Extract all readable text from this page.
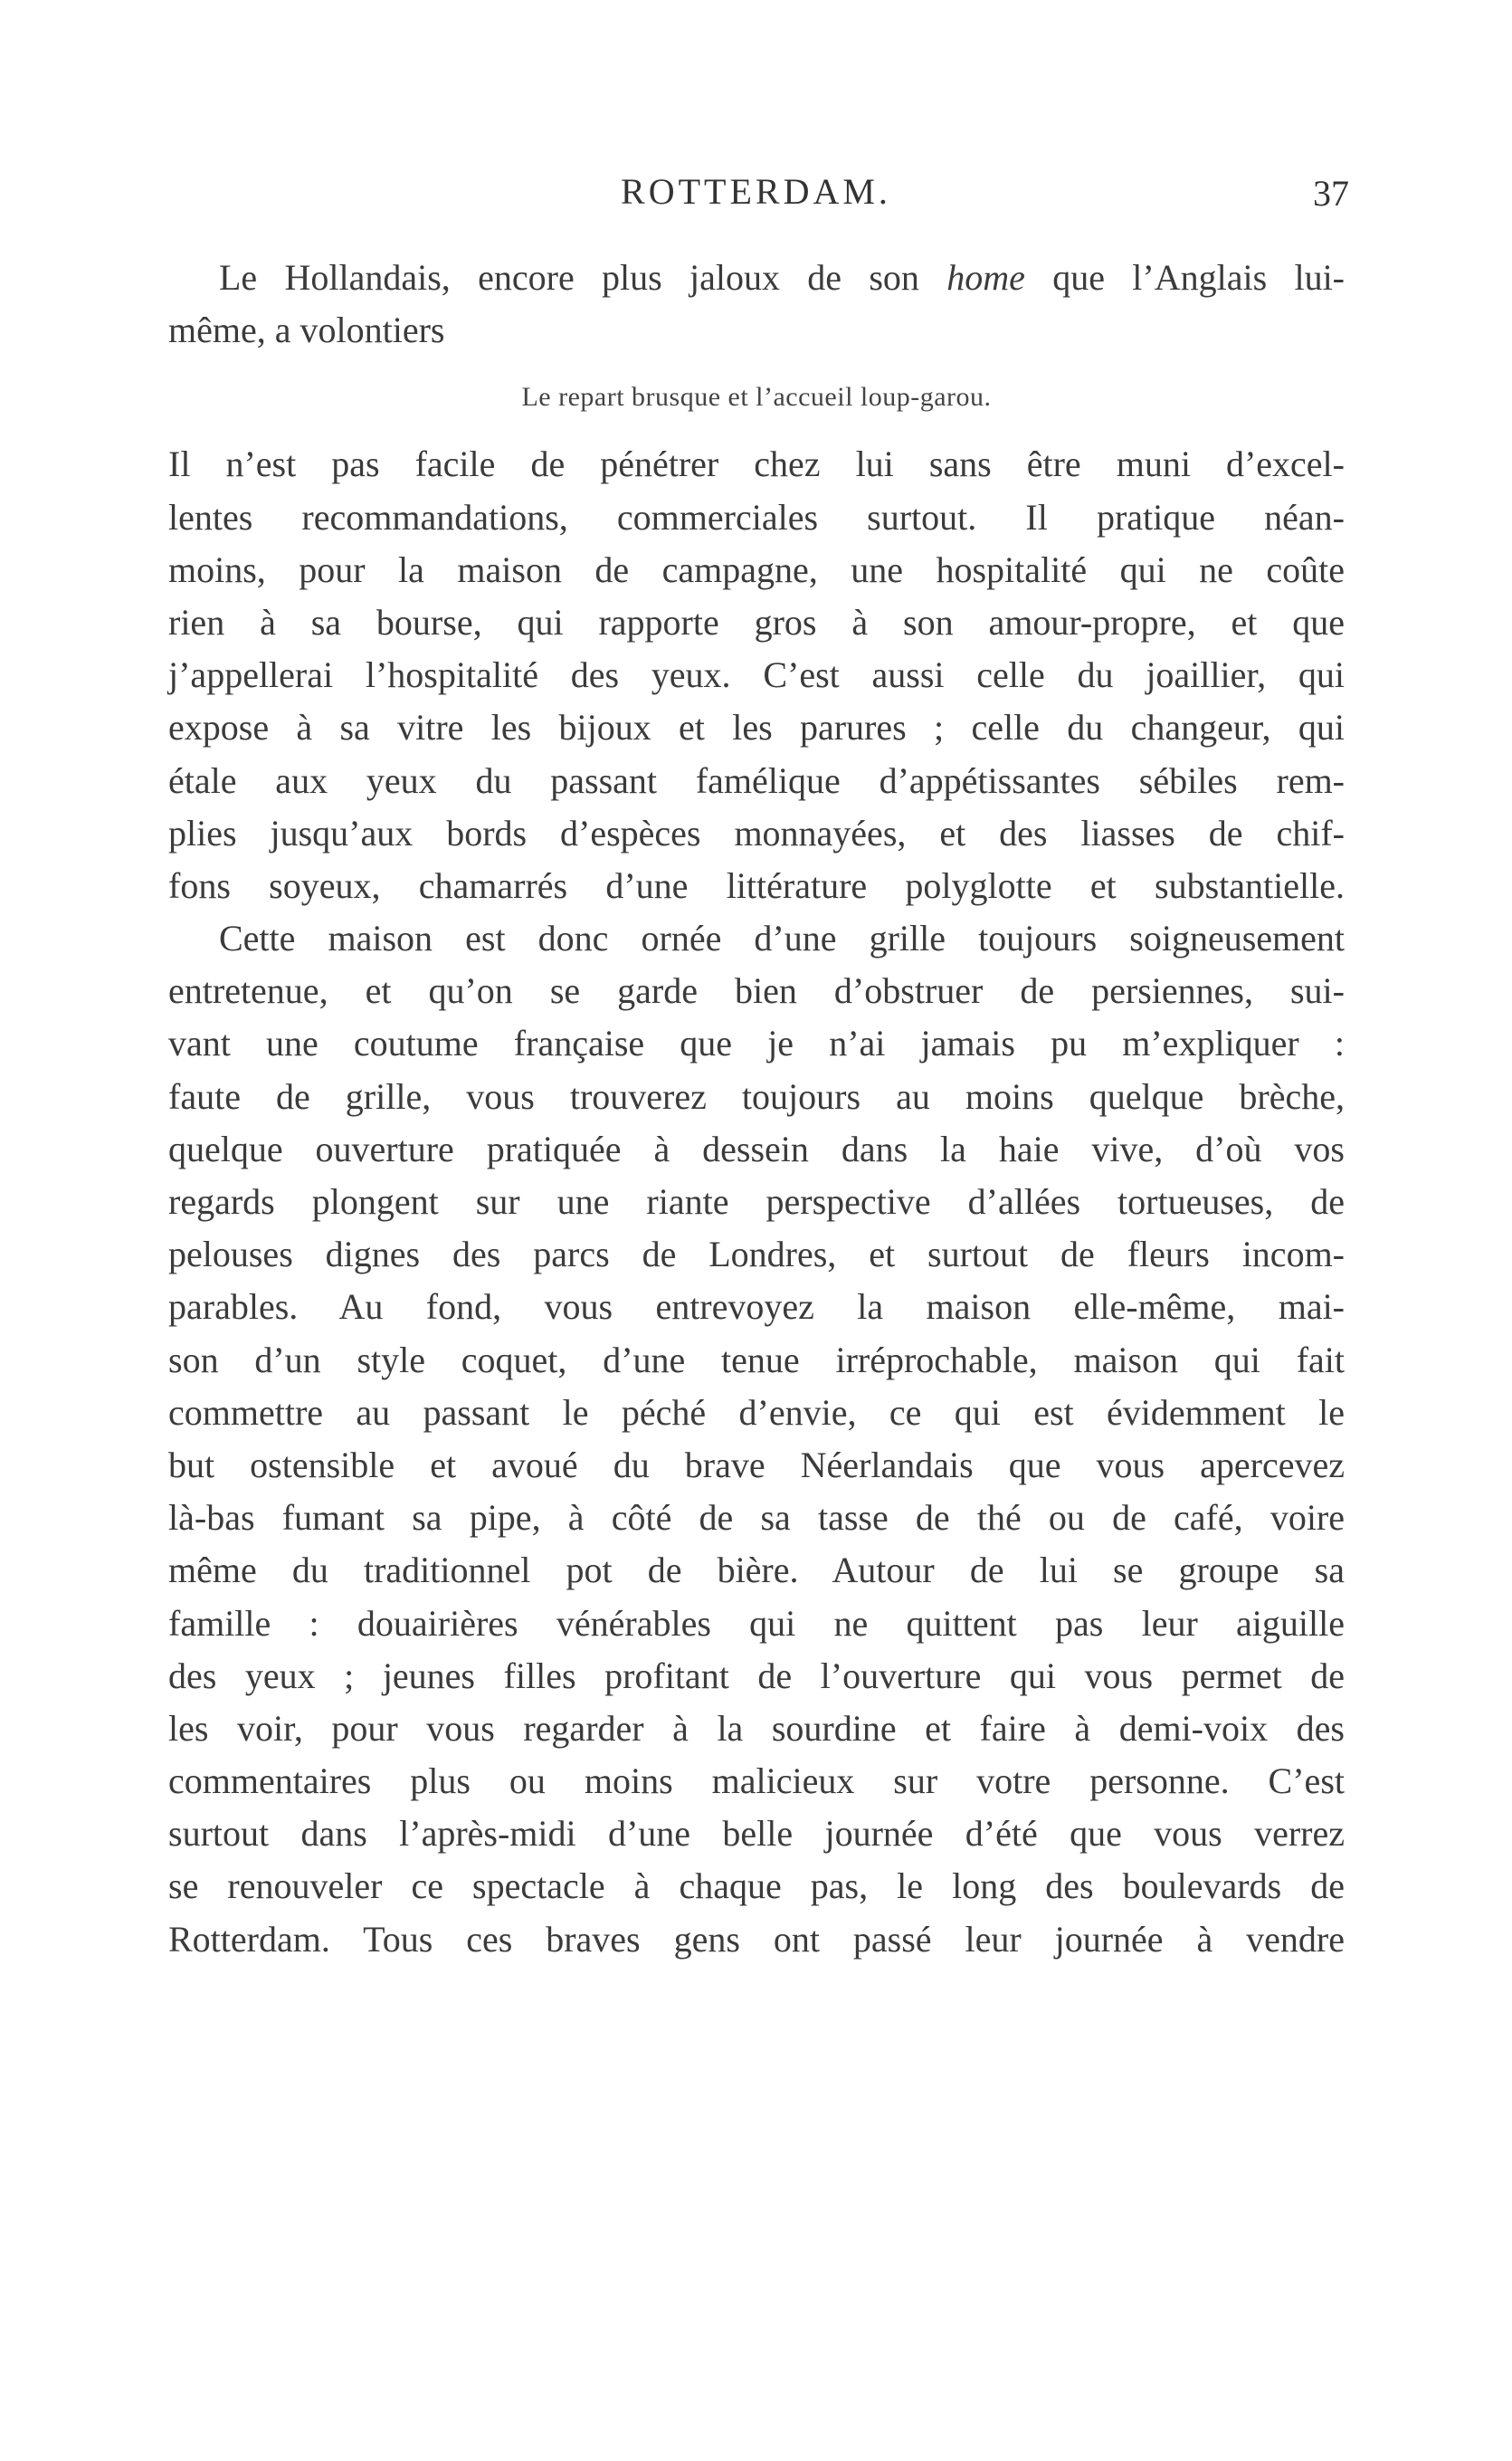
ROTTERDAM.	37
Le Hollandais, encore plus jaloux de son home que l’Anglais lui-
même, a volontiers
Le repart brusque et l’accueil loup-garou.
Il n’est pas facile de pénétrer chez lui sans être muni d’excel-
lentes recommandations, commerciales surtout. Il pratique néan-
moins, pour la maison de campagne, une hospitalité qui ne coûte
rien à sa bourse, qui rapporte gros à son amour-propre, et que
j’appellerai l’hospitalité des yeux. C’est aussi celle du joaillier, qui
expose à sa vitre les bijoux et les parures ; celle du changeur, qui
étale aux yeux du passant famélique d’appétissantes sébiles rem-
plies jusqu’aux bords d’espèces monnayées, et des liasses de chif-
fons soyeux, chamarrés d’une littérature polyglotte et substantielle.
Cette maison est donc ornée d’une grille toujours soigneusement
entretenue, et qu’on se garde bien d’obstruer de persiennes, sui-
vant une coutume française que je n’ai jamais pu m’expliquer :
faute de grille, vous trouverez toujours au moins quelque brèche,
quelque ouverture pratiquée à dessein dans la haie vive, d’où vos
regards plongent sur une riante perspective d’allées tortueuses, de
pelouses dignes des parcs de Londres, et surtout de fleurs incom-
parables. Au fond, vous entrevoyez la maison elle-même, mai-
son d’un style coquet, d’une tenue irréprochable, maison qui fait
commettre au passant le péché d’envie, ce qui est évidemment le
but ostensible et avoué du brave Néerlandais que vous apercevez
là-bas fumant sa pipe, à côté de sa tasse de thé ou de café, voire
même du traditionnel pot de bière. Autour de lui se groupe sa
famille : douairières vénérables qui ne quittent pas leur aiguille
des yeux ; jeunes filles profitant de l’ouverture qui vous permet de
les voir, pour vous regarder à la sourdine et faire à demi-voix des
commentaires plus ou moins malicieux sur votre personne. C’est
surtout dans l’après-midi d’une belle journée d’été que vous verrez
se renouveler ce spectacle à chaque pas, le long des boulevards de
Rotterdam. Tous ces braves gens ont passé leur journée à vendre
